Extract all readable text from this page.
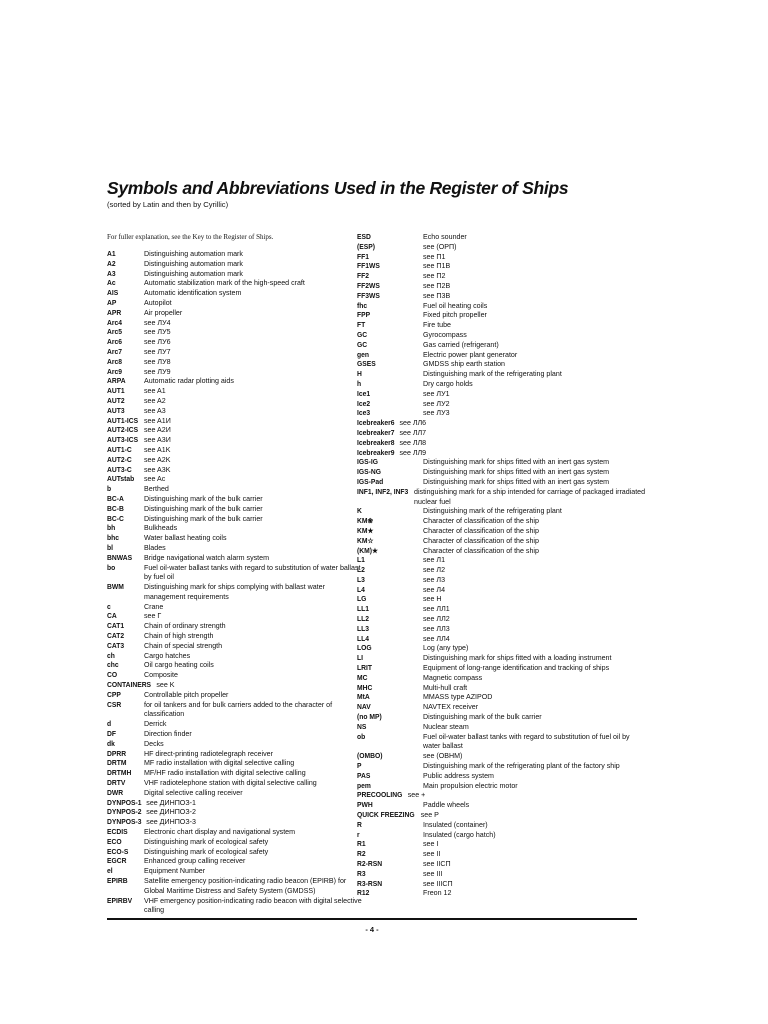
Symbols and Abbreviations Used in the Register of Ships
(sorted by Latin and then by Cyrillic)
For fuller explanation, see the Key to the Register of Ships.
A1	Distinguishing automation mark
A2	Distinguishing automation mark
A3	Distinguishing automation mark
Ac	Automatic stabilization mark of the high-speed craft
AIS	Automatic identification system
AP	Autopilot
APR	Air propeller
Arc4	see ЛУ4
Arc5	see ЛУ5
Arc6	see ЛУ6
Arc7	see ЛУ7
Arc8	see ЛУ8
Arc9	see ЛУ9
ARPA	Automatic radar plotting aids
AUT1	see A1
AUT2	see A2
AUT3	see A3
AUT1-ICS see A1И
AUT2-ICS see A2И
AUT3-ICS see A3И
AUT1-C	see A1K
AUT2-C	see A2K
AUT3-C	see A3K
AUTstab	see Ac
b	Berthed
BC-A	Distinguishing mark of the bulk carrier
BC-B	Distinguishing mark of the bulk carrier
BC-C	Distinguishing mark of the bulk carrier
bh	Bulkheads
bhc	Water ballast heating coils
bl	Blades
BNWAS	Bridge navigational watch alarm system
bo	Fuel oil-water ballast tanks with regard to substitution of water ballast by fuel oil
BWM	Distinguishing mark for ships complying with ballast water management requirements
c	Crane
CA	see Г
CAT1	Chain of ordinary strength
CAT2	Chain of high strength
CAT3	Chain of special strength
ch	Cargo hatches
chc	Oil cargo heating coils
CO	Composite
CONTAINERS see K
CPP	Controllable pitch propeller
CSR	for oil tankers and for bulk carriers added to the character of classification
d	Derrick
DF	Direction finder
dk	Decks
DPRR	HF direct-printing radiotelegraph receiver
DRTM	MF radio installation with digital selective calling
DRTMH	MF/HF radio installation with digital selective calling
DRTV	VHF radiotelephone station with digital selective calling
DWR	Digital selective calling receiver
DYNPOS-1 see ДИНПОЗ-1
DYNPOS-2 see ДИНПОЗ-2
DYNPOS-3 see ДИНПОЗ-3
ECDIS	Electronic chart display and navigational system
ECO	Distinguishing mark of ecological safety
ECO-S	Distinguishing mark of ecological safety
EGCR	Enhanced group calling receiver
el	Equipment Number
EPIRB	Satellite emergency position-indicating radio beacon (EPIRB) for Global Maritime Distress and Safety System (GMDSS)
EPIRBV	VHF emergency position-indicating radio beacon with digital selective calling
ESD	Echo sounder
(ESP)	see (ОРП)
FF1	see П1
FF1WS	see П1В
FF2	see П2
FF2WS	see П2В
FF3WS	see П3В
fhc	Fuel oil heating coils
FPP	Fixed pitch propeller
FT	Fire tube
GC	Gyrocompass
GC	Gas carried (refrigerant)
gen	Electric power plant generator
GSES	GMDSS ship earth station
H	Distinguishing mark of the refrigerating plant
h	Dry cargo holds
Ice1	see ЛУ1
Ice2	see ЛУ2
Ice3	see ЛУ3
Icebreaker6 see ЛЛ6
Icebreaker7 see ЛЛ7
Icebreaker8 see ЛЛ8
Icebreaker9 see ЛЛ9
IGS-IG	Distinguishing mark for ships fitted with an inert gas system
IGS-NG	Distinguishing mark for ships fitted with an inert gas system
IGS-Pad	Distinguishing mark for ships fitted with an inert gas system
INF1, INF2, INF3 distinguishing mark for a ship intended for carriage of packaged irradiated nuclear fuel
K	Distinguishing mark of the refrigerating plant
KM❀	Character of classification of the ship
KM★	Character of classification of the ship
KM☆	Character of classification of the ship
(KM)★	Character of classification of the ship
L1	see Л1
L2	see Л2
L3	see Л3
L4	see Л4
LG	see H
LL1	see ЛЛ1
LL2	see ЛЛ2
LL3	see ЛЛ3
LL4	see ЛЛ4
LOG	Log (any type)
LI	Distinguishing mark for ships fitted with a loading instrument
LRIT	Equipment of long-range identification and tracking of ships
MC	Magnetic compass
MHC	Multi-hull craft
MtA	MMASS type AZIPOD
NAV	NAVTEX receiver
(no MP)	Distinguishing mark of the bulk carrier
NS	Nuclear steam
ob	Fuel oil-water ballast tanks with regard to substitution of fuel oil by water ballast
(OMBO)	see (ОВНМ)
P	Distinguishing mark of the refrigerating plant of the factory ship
PAS	Public address system
pem	Main propulsion electric motor
PRECOOLING see +
PWH	Paddle wheels
QUICK FREEZING see P
R	Insulated (container)
r	Insulated (cargo hatch)
R1	see I
R2	see II
R2-RSN	see IICП
R3	see III
R3-RSN	see IIICП
R12	Freon 12
- 4 -
